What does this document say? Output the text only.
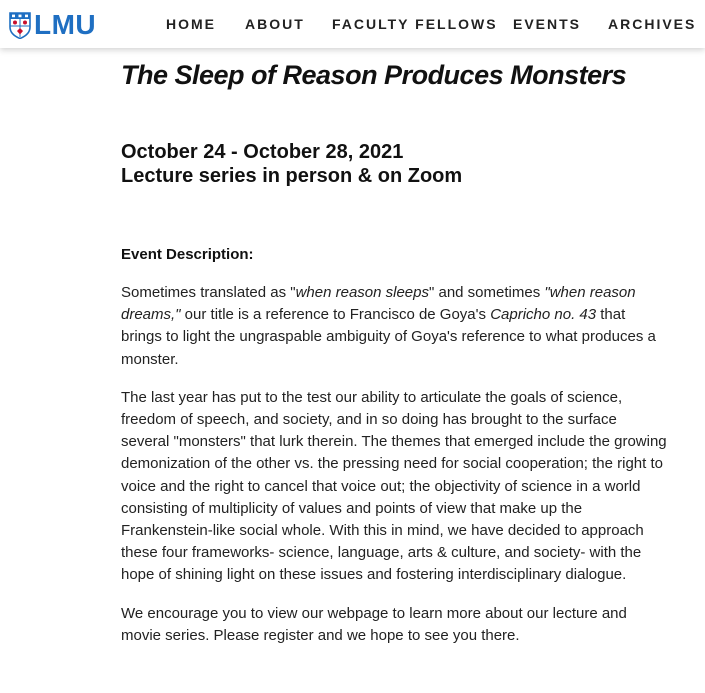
LMU	HOME ABOUT FACULTY FELLOWS EVENTS ARCHIVES
The Sleep of Reason Produces Monsters
October 24 - October 28, 2021
Lecture series in person & on Zoom

Event Description:

Sometimes translated as "when reason sleeps" and sometimes "when reason dreams," our title is a reference to Francisco de Goya's Capricho no. 43 that brings to light the ungraspable ambiguity of Goya's reference to what produces a monster.

The last year has put to the test our ability to articulate the goals of science, freedom of speech, and society, and in so doing has brought to the surface several "monsters" that lurk therein. The themes that emerged include the growing demonization of the other vs. the pressing need for social cooperation; the right to voice and the right to cancel that voice out; the objectivity of science in a world consisting of multiplicity of values and points of view that make up the Frankenstein-like social whole. With this in mind, we have decided to approach these four frameworks- science, language, arts & culture, and society- with the hope of shining light on these issues and fostering interdisciplinary dialogue.

We encourage you to view our webpage to learn more about our lecture and movie series. Please register and we hope to see you there.
